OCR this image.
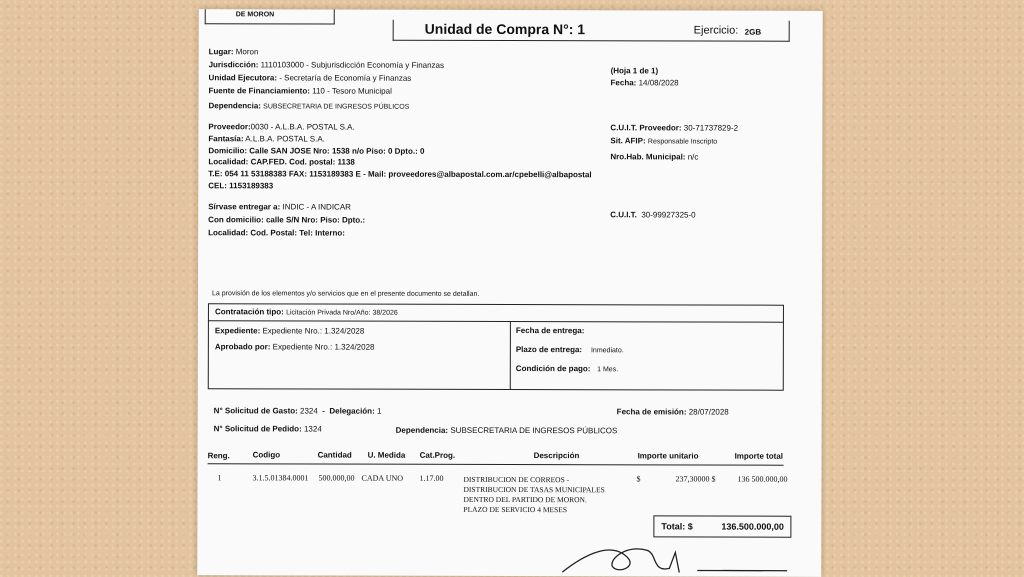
DE MORON
Unidad de Compra N°: 1	Ejercicio: 2GB
Lugar: Moron
Jurisdicción: 1110103000 - Subjurisdicción Economía y Finanzas
Unidad Ejecutora: - Secretaría de Economía y Finanzas
Fuente de Financiamiento: 110 - Tesoro Municipal
Dependencia: SUBSECRETARIA DE INGRESOS PÚBLICOS
(Hoja 1 de 1)
Fecha: 14/08/2028
Proveedor:0030 - A.L.B.A. POSTAL S.A.
Fantasía: A.L.B.A. POSTAL S.A.
Domicilio: Calle SAN JOSE Nro: 1538 n/o Piso: 0 Dpto.: 0
Localidad: CAP.FED. Cod. postal: 1138
T.E: 054 11 53188383 FAX: 1153189383 E - Mail: proveedores@albapostal.com.ar/cpebelli@albapostal
CEL: 1153189383
C.U.I.T. Proveedor: 30-71737829-2
Sit. AFIP: Responsable Inscripto
Nro.Hab. Municipal: n/c
Sírvase entregar a: INDIC - A INDICAR
Con domicilio: calle S/N Nro: Piso: Dpto.:
Localidad: Cod. Postal: Tel: Interno:
C.U.I.T. 30-99927325-0
La provisión de los elementos y/o servicios que en el presente documento se detallan.
Contratación tipo: Licitación Privada Nro/Año: 38/2026
Expediente: Expediente Nro.: 1.324/2028
Aprobado por: Expediente Nro.: 1.324/2028
Fecha de entrega:
Plazo de entrega: Inmediato.
Condición de pago: 1 Mes.
N° Solicitud de Gasto: 2324  -  Delegación: 1	Fecha de emisión: 28/07/2028
N° Solicitud de Pedido: 1324	Dependencia: SUBSECRETARIA DE INGRESOS PÚBLICOS
Reng.	Codigo	Cantidad U. Medida Cat.Prog.	Descripción	Importe unitario	Importe total
1	3.1.5.01384.0001 500.000,00 CADA UNO 1.17.00	DISTRIBUCION DE CORREOS -
DISTRIBUCION DE TASAS MUNICIPALES
DENTRO DEL PARTIDO DE MORON.
PLAZO DE SERVICIO 4 MESES
$	237,30000 $	136 500.000,00
Total: $	136.500.000,00
